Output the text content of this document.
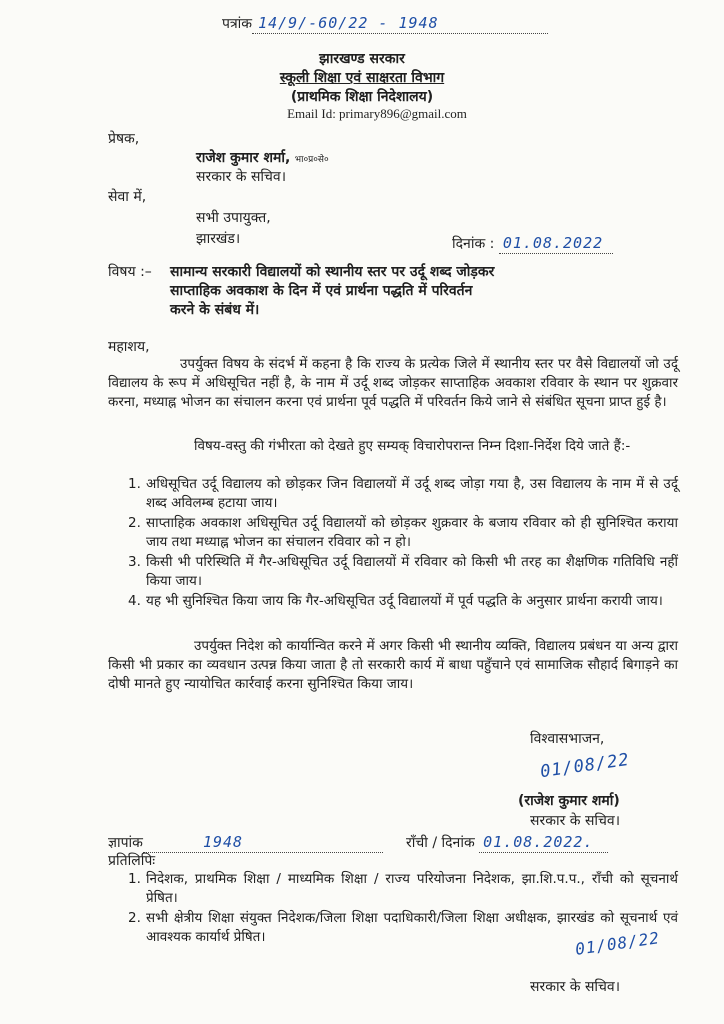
पत्रांक 14/9/-60/22 - 1948
झारखण्ड सरकार
स्कूली शिक्षा एवं साक्षरता विभाग
(प्राथमिक शिक्षा निदेशालय)
Email Id: primary896@gmail.com
प्रेषक,
राजेश कुमार शर्मा, भा०प्र०से०
सरकार के सचिव।
सेवा में,
सभी उपायुक्त,
झारखंड।	दिनांक : 01.08.2022
विषय :– सामान्य सरकारी विद्यालयों को स्थानीय स्तर पर उर्दू शब्द जोड़कर
साप्ताहिक अवकाश के दिन में एवं प्रार्थना पद्धति में परिवर्तन
करने के संबंध में।
महाशय,
उपर्युक्त विषय के संदर्भ में कहना है कि राज्य के प्रत्येक जिले में स्थानीय स्तर पर वैसे विद्यालयों जो उर्दू विद्यालय के रूप में अधिसूचित नहीं है, के नाम में उर्दू शब्द जोड़कर साप्ताहिक अवकाश रविवार के स्थान पर शुक्रवार करना, मध्याह्न भोजन का संचालन करना एवं प्रार्थना पूर्व पद्धति में परिवर्तन किये जाने से संबंधित सूचना प्राप्त हुई है।
विषय-वस्तु की गंभीरता को देखते हुए सम्यक् विचारोपरान्त निम्न दिशा-निर्देश दिये जाते हैं:-
1. अधिसूचित उर्दू विद्यालय को छोड़कर जिन विद्यालयों में उर्दू शब्द जोड़ा गया है, उस विद्यालय के नाम में से उर्दू शब्द अविलम्ब हटाया जाय।
2. साप्ताहिक अवकाश अधिसूचित उर्दू विद्यालयों को छोड़कर शुक्रवार के बजाय रविवार को ही सुनिश्चित कराया जाय तथा मध्याह्न भोजन का संचालन रविवार को न हो।
3. किसी भी परिस्थिति में गैर-अधिसूचित उर्दू विद्यालयों में रविवार को किसी भी तरह का शैक्षणिक गतिविधि नहीं किया जाय।
4. यह भी सुनिश्चित किया जाय कि गैर-अधिसूचित उर्दू विद्यालयों में पूर्व पद्धति के अनुसार प्रार्थना करायी जाय।
उपर्युक्त निदेश को कार्यान्वित करने में अगर किसी भी स्थानीय व्यक्ति, विद्यालय प्रबंधन या अन्य द्वारा किसी भी प्रकार का व्यवधान उत्पन्न किया जाता है तो सरकारी कार्य में बाधा पहुँचाने एवं सामाजिक सौहार्द बिगाड़ने का दोषी मानते हुए न्यायोचित कार्रवाई करना सुनिश्चित किया जाय।
विश्वासभाजन,
01/08/22
(राजेश कुमार शर्मा)
सरकार के सचिव।
ज्ञापांक	1948	राँची / दिनांक 01.08.2022.
प्रतिलिपिः
1. निदेशक, प्राथमिक शिक्षा / माध्यमिक शिक्षा / राज्य परियोजना निदेशक, झा.शि.प.प., राँची को सूचनार्थ प्रेषित।
2. सभी क्षेत्रीय शिक्षा संयुक्त निदेशक/जिला शिक्षा पदाधिकारी/जिला शिक्षा अधीक्षक, झारखंड को सूचनार्थ एवं आवश्यक कार्यार्थ प्रेषित।	01/08/22
सरकार के सचिव।
